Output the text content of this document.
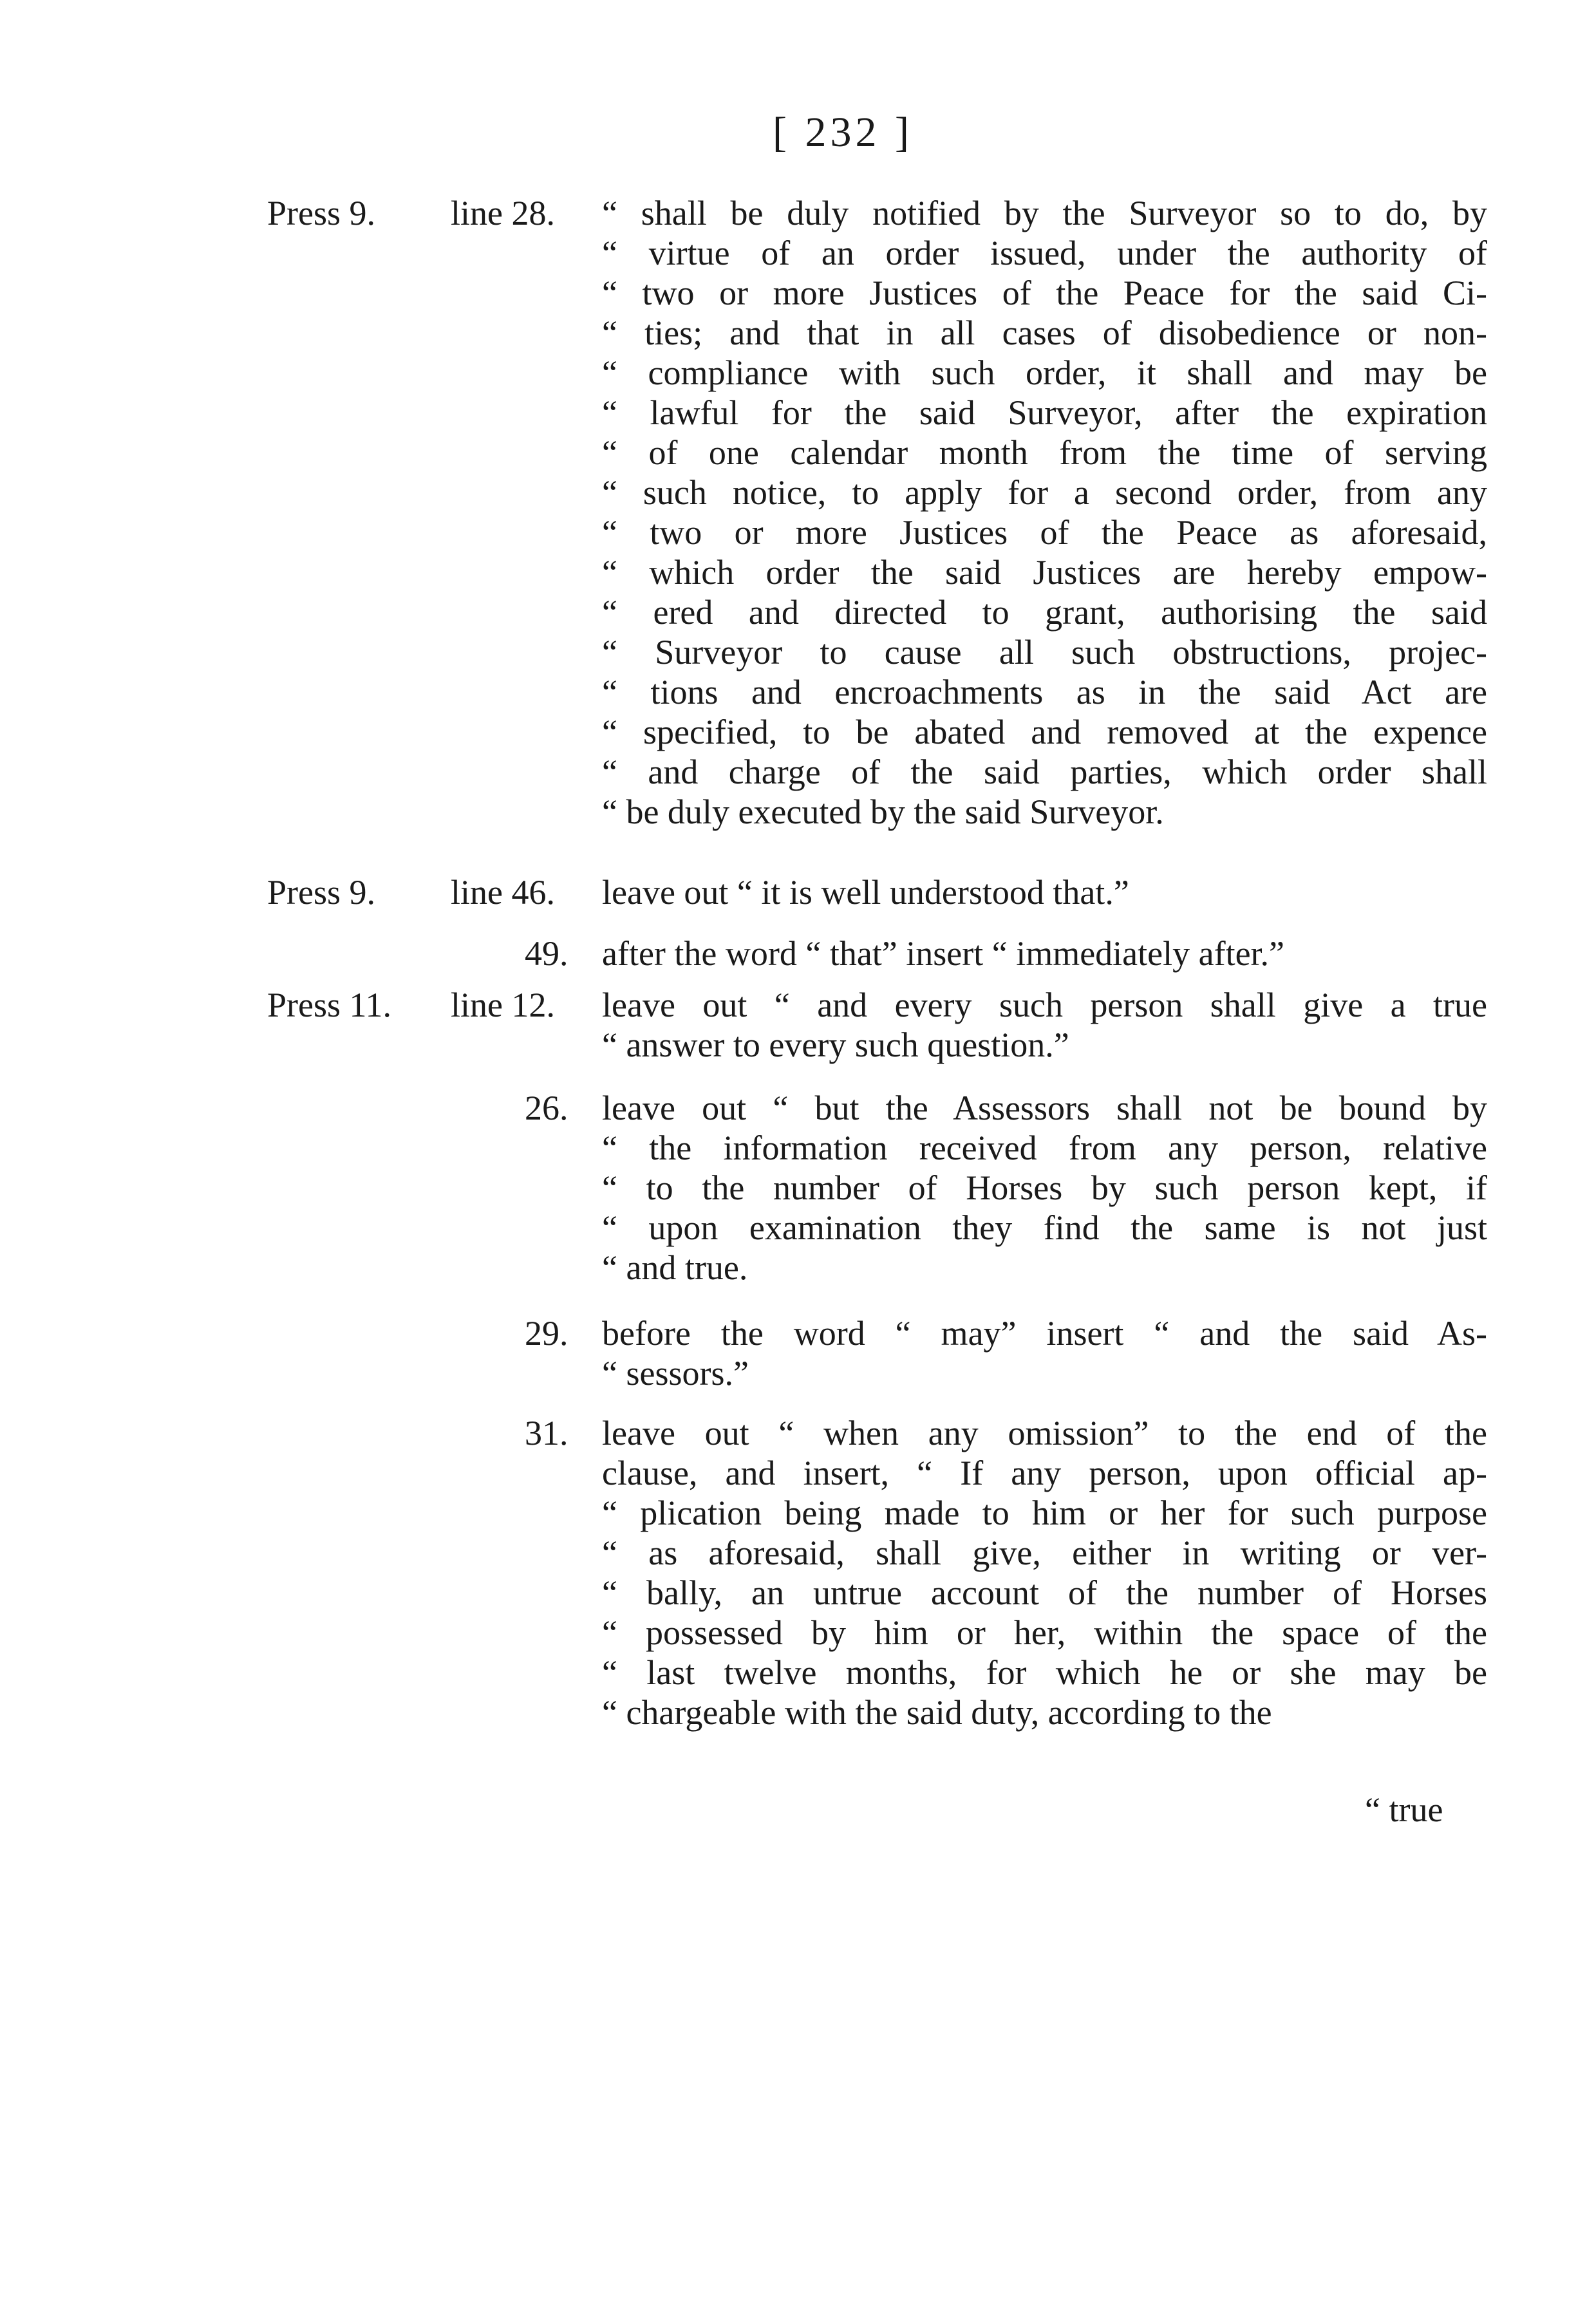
[ 232 ]
Press 9. line 28. “ shall be duly notified by the Surveyor so to do, by
“ virtue of an order issued, under the authority of
“ two or more Justices of the Peace for the said Ci-
“ ties; and that in all cases of disobedience or non-
“ compliance with such order, it shall and may be
“ lawful for the said Surveyor, after the expiration
“ of one calendar month from the time of serving
“ such notice, to apply for a second order, from any
“ two or more Justices of the Peace as aforesaid,
“ which order the said Justices are hereby empow-
“ ered and directed to grant, authorising the said
“ Surveyor to cause all such obstructions, projec-
“ tions and encroachments as in the said Act are
“ specified, to be abated and removed at the expence
“ and charge of the said parties, which order shall
“ be duly executed by the said Surveyor.
Press 9. line 46. leave out “ it is well understood that.”
49. after the word “ that” insert “ immediately after.”
Press 11. line 12. leave out “ and every such person shall give a true
“ answer to every such question.”
26. leave out “ but the Assessors shall not be bound by
“ the information received from any person, relative
“ to the number of Horses by such person kept, if
“ upon examination they find the same is not just
“ and true.
29. before the word “ may” insert “ and the said As-
“ sessors.”
31. leave out “ when any omission” to the end of the
clause, and insert, “ If any person, upon official ap-
“ plication being made to him or her for such purpose
“ as aforesaid, shall give, either in writing or ver-
“ bally, an untrue account of the number of Horses
“ possessed by him or her, within the space of the
“ last twelve months, for which he or she may be
“ chargeable with the said duty, according to the
“ true
